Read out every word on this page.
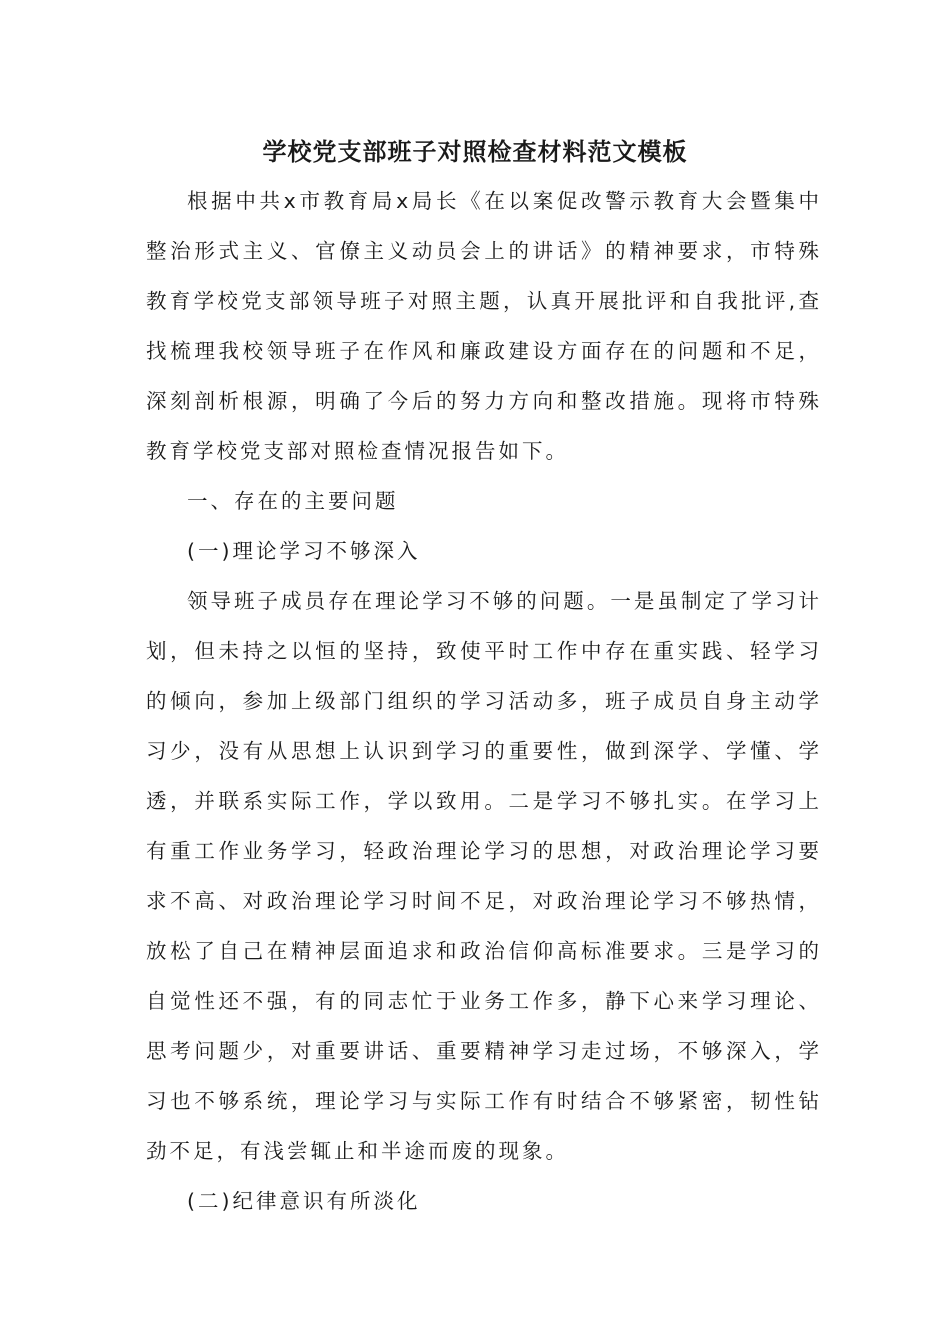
学校党支部班子对照检查材料范文模板

根据中共x市教育局x局长《在以案促改警示教育大会暨集中整治形式主义、官僚主义动员会上的讲话》的精神要求，市特殊教育学校党支部领导班子对照主题，认真开展批评和自我批评,查找梳理我校领导班子在作风和廉政建设方面存在的问题和不足，深刻剖析根源，明确了今后的努力方向和整改措施。现将市特殊教育学校党支部对照检查情况报告如下。

一、存在的主要问题

(一)理论学习不够深入

领导班子成员存在理论学习不够的问题。一是虽制定了学习计划，但未持之以恒的坚持，致使平时工作中存在重实践、轻学习的倾向，参加上级部门组织的学习活动多，班子成员自身主动学习少，没有从思想上认识到学习的重要性，做到深学、学懂、学透，并联系实际工作，学以致用。二是学习不够扎实。在学习上有重工作业务学习，轻政治理论学习的思想，对政治理论学习要求不高、对政治理论学习时间不足，对政治理论学习不够热情，放松了自己在精神层面追求和政治信仰高标准要求。三是学习的自觉性还不强，有的同志忙于业务工作多，静下心来学习理论、思考问题少，对重要讲话、重要精神学习走过场，不够深入，学习也不够系统，理论学习与实际工作有时结合不够紧密，韧性钻劲不足，有浅尝辄止和半途而废的现象。

(二)纪律意识有所淡化
